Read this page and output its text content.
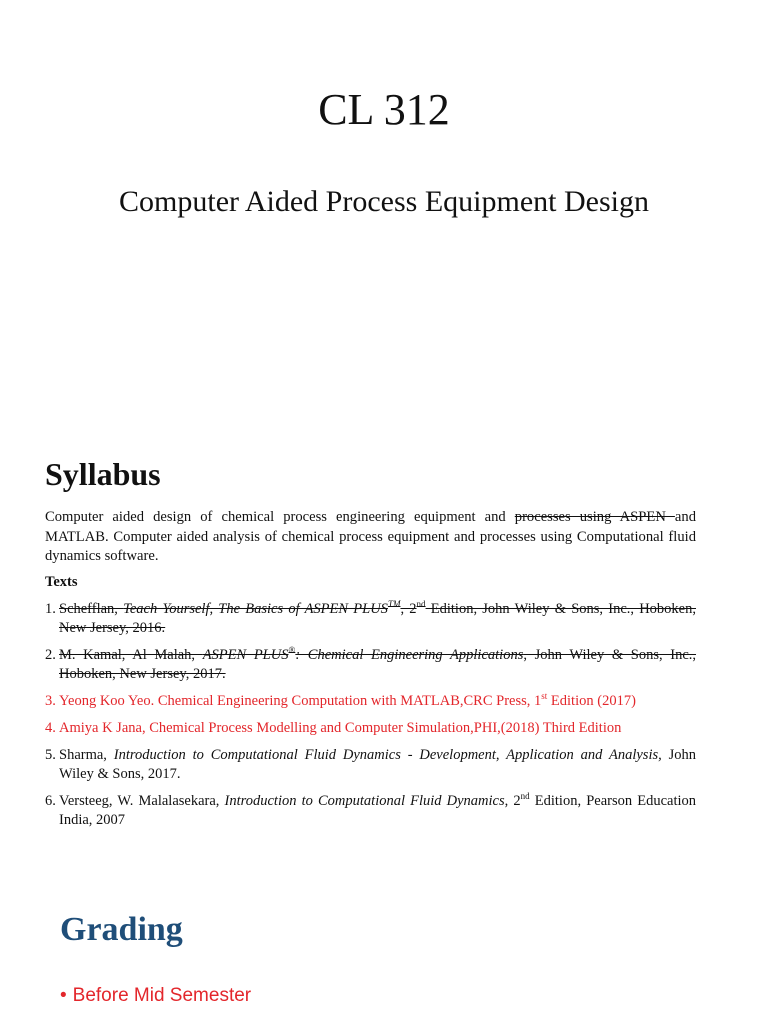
CL 312
Computer Aided Process Equipment Design
Syllabus
Computer aided design of chemical process engineering equipment and processes using ASPEN and MATLAB. Computer aided analysis of chemical process equipment and processes using Computational fluid dynamics software.
Texts
1. Schefflan, Teach Yourself, The Basics of ASPEN PLUS™, 2nd Edition, John Wiley & Sons, Inc., Hoboken, New Jersey, 2016.
2. M. Kamal, Al Malah, ASPEN PLUS®: Chemical Engineering Applications, John Wiley & Sons, Inc., Hoboken, New Jersey, 2017.
3. Yeong Koo Yeo. Chemical Engineering Computation with MATLAB,CRC Press, 1st Edition (2017)
4. Amiya K Jana, Chemical Process Modelling and Computer Simulation,PHI,(2018) Third Edition
5. Sharma, Introduction to Computational Fluid Dynamics - Development, Application and Analysis, John Wiley & Sons, 2017.
6. Versteeg, W. Malalasekara, Introduction to Computational Fluid Dynamics, 2nd Edition, Pearson Education India, 2007
Grading
• Before Mid Semester
